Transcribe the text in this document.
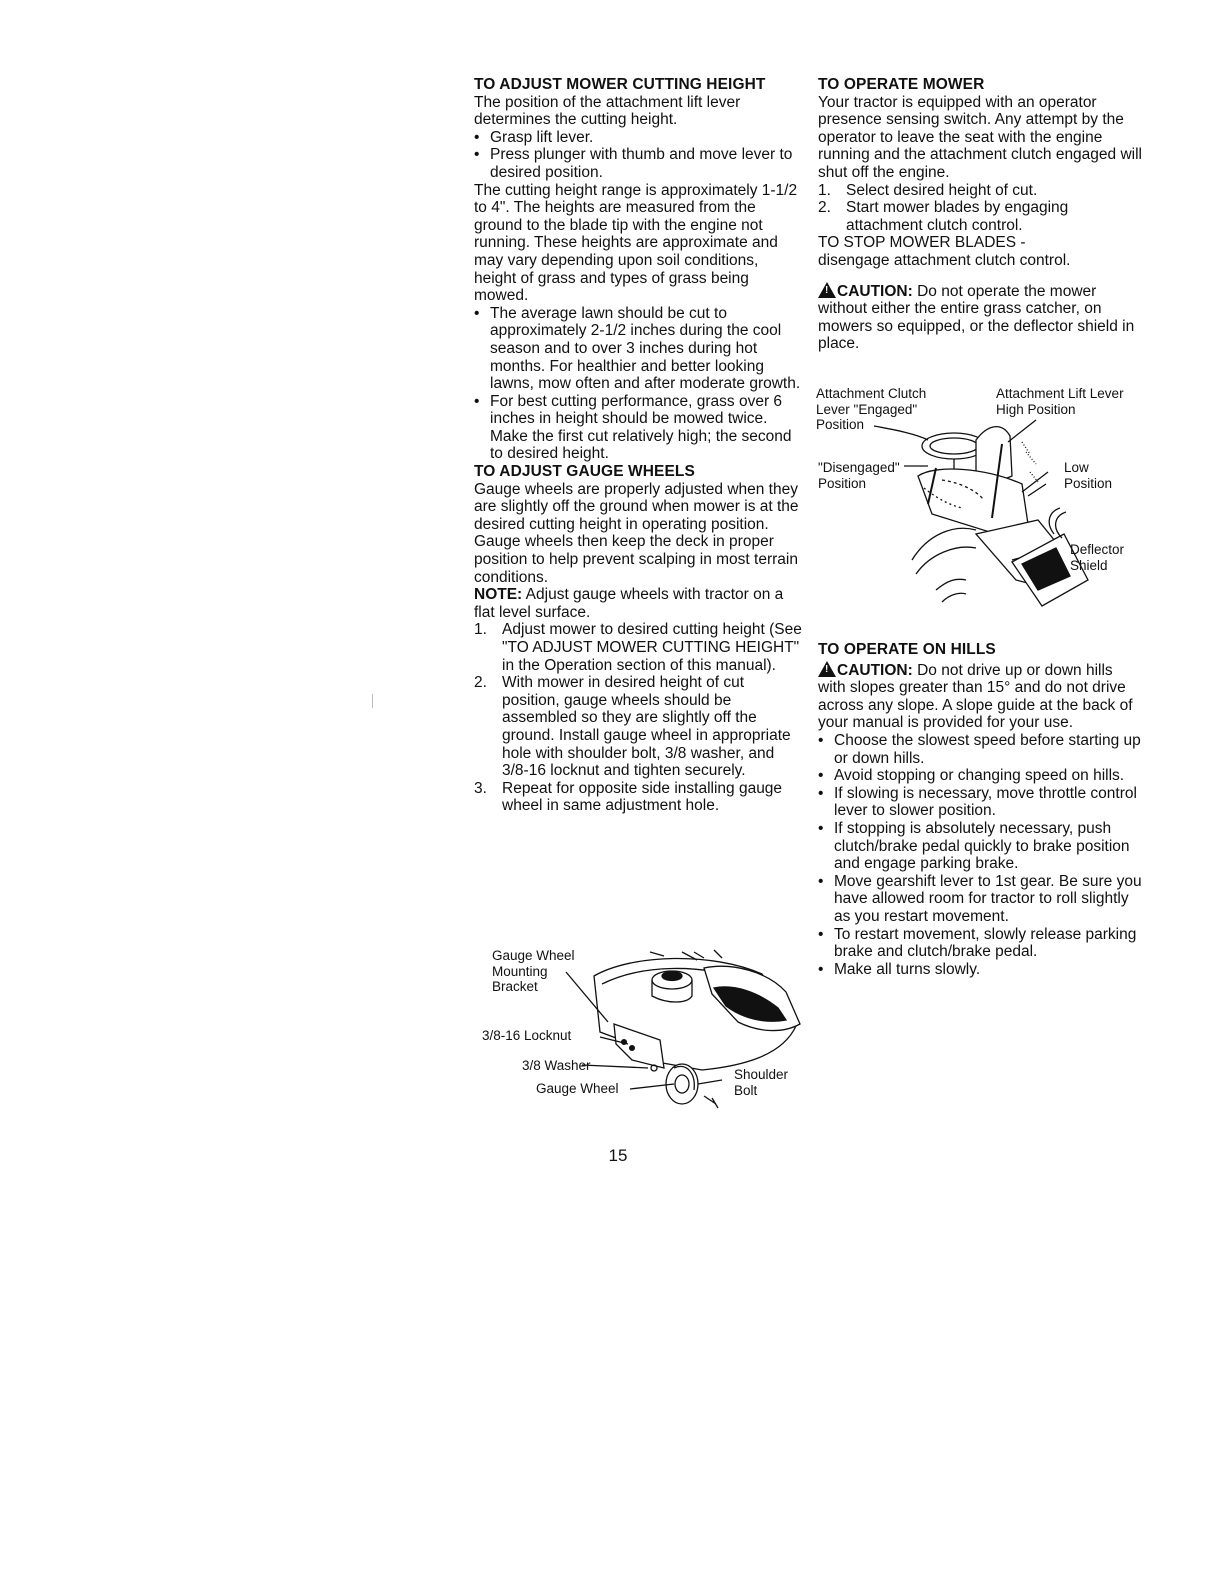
TO ADJUST MOWER CUTTING HEIGHT

The position of the attachment lift lever determines the cutting height.

• Grasp lift lever.
• Press plunger with thumb and move lever to desired position.

The cutting height range is approximately 1-1/2 to 4". The heights are measured from the ground to the blade tip with the engine not running. These heights are approximate and may vary depending upon soil conditions, height of grass and types of grass being mowed.

• The average lawn should be cut to approximately 2-1/2 inches during the cool season and to over 3 inches during hot months. For healthier and better looking lawns, mow often and after moderate growth.
• For best cutting performance, grass over 6 inches in height should be mowed twice. Make the first cut relatively high; the second to desired height.
TO ADJUST GAUGE WHEELS

Gauge wheels are properly adjusted when they are slightly off the ground when mower is at the desired cutting height in operating position. Gauge wheels then keep the deck in proper position to help prevent scalping in most terrain conditions.

NOTE: Adjust gauge wheels with tractor on a flat level surface.

1. Adjust mower to desired cutting height (See "TO ADJUST MOWER CUTTING HEIGHT" in the Operation section of this manual).
2. With mower in desired height of cut position, gauge wheels should be assembled so they are slightly off the ground. Install gauge wheel in appropriate hole with shoulder bolt, 3/8 washer, and 3/8-16 locknut and tighten securely.
3. Repeat for opposite side installing gauge wheel in same adjustment hole.
Gauge Wheel
Mounting
Bracket
3/8-16 Locknut
3/8 Washer
Gauge Wheel
Shoulder
Bolt
TO OPERATE MOWER

Your tractor is equipped with an operator presence sensing switch. Any attempt by the operator to leave the seat with the engine running and the attachment clutch engaged will shut off the engine.

1. Select desired height of cut.
2. Start mower blades by engaging attachment clutch control.

TO STOP MOWER BLADES -

disengage attachment clutch control.

!CAUTION: Do not operate the mower without either the entire grass catcher, on mowers so equipped, or the deflector shield in place.

Attachment Clutch
Lever "Engaged"
Position
Attachment Lift Lever
High Position
"Disengaged"
Position
Low
Position
Deflector
Shield
TO OPERATE ON HILLS

!CAUTION: Do not drive up or down hills with slopes greater than 15° and do not drive across any slope. A slope guide at the back of your manual is provided for your use.

• Choose the slowest speed before starting up or down hills.
• Avoid stopping or changing speed on hills.
• If slowing is necessary, move throttle control lever to slower position.
• If stopping is absolutely necessary, push clutch/brake pedal quickly to brake position and engage parking brake.
• Move gearshift lever to 1st gear. Be sure you have allowed room for tractor to roll slightly as you restart movement.
• To restart movement, slowly release parking brake and clutch/brake pedal.
• Make all turns slowly.
15
